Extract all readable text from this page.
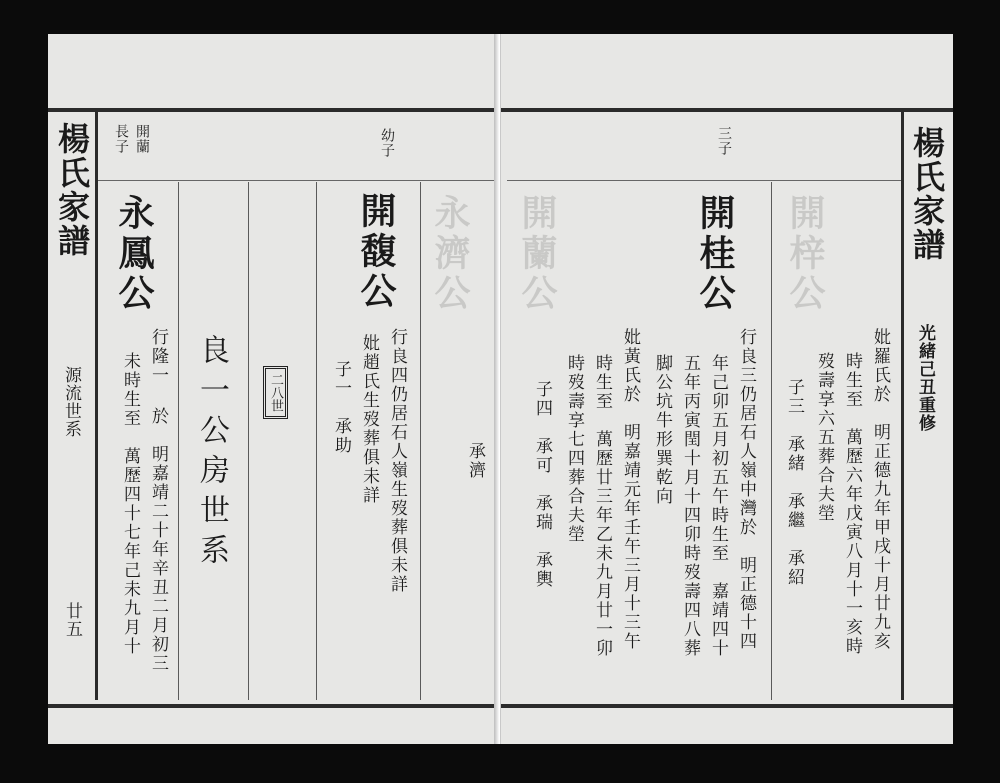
楊氏家譜
源流世系
廿五
開蘭
長子	幼子
永鳳公
行隆一 於　明嘉靖二十年辛丑二月初三
未時生至　萬歷四十七年己未九月十 良一公房世系	二八世
開馥公
行良四仍居石人嶺生歿葬俱未詳
妣趙氏生歿葬俱未詳
子一　承助
承濟
永濟公	楊氏家譜
光緒己丑重修
三子
開桂公
行良三仍居石人嶺中灣於　明正德十四
年己卯五月初五午時生至　嘉靖四十
五年丙寅閏十月十四卯時歿壽四八葬
脚公坑牛形巽乾向
妣黃氏於　明嘉靖元年壬午三月十三午
時生至　萬歷廿三年乙未九月廿一卯
時歿壽享七四葬合夫塋
子四　承可　承瑞　承輿	妣羅氏於　明正德九年甲戌十月廿九亥
時生至　萬歷六年戊寅八月十一亥時
歿壽享六五葬合夫塋
子三　承緒　承繼　承紹
開蘭公	開梓公
